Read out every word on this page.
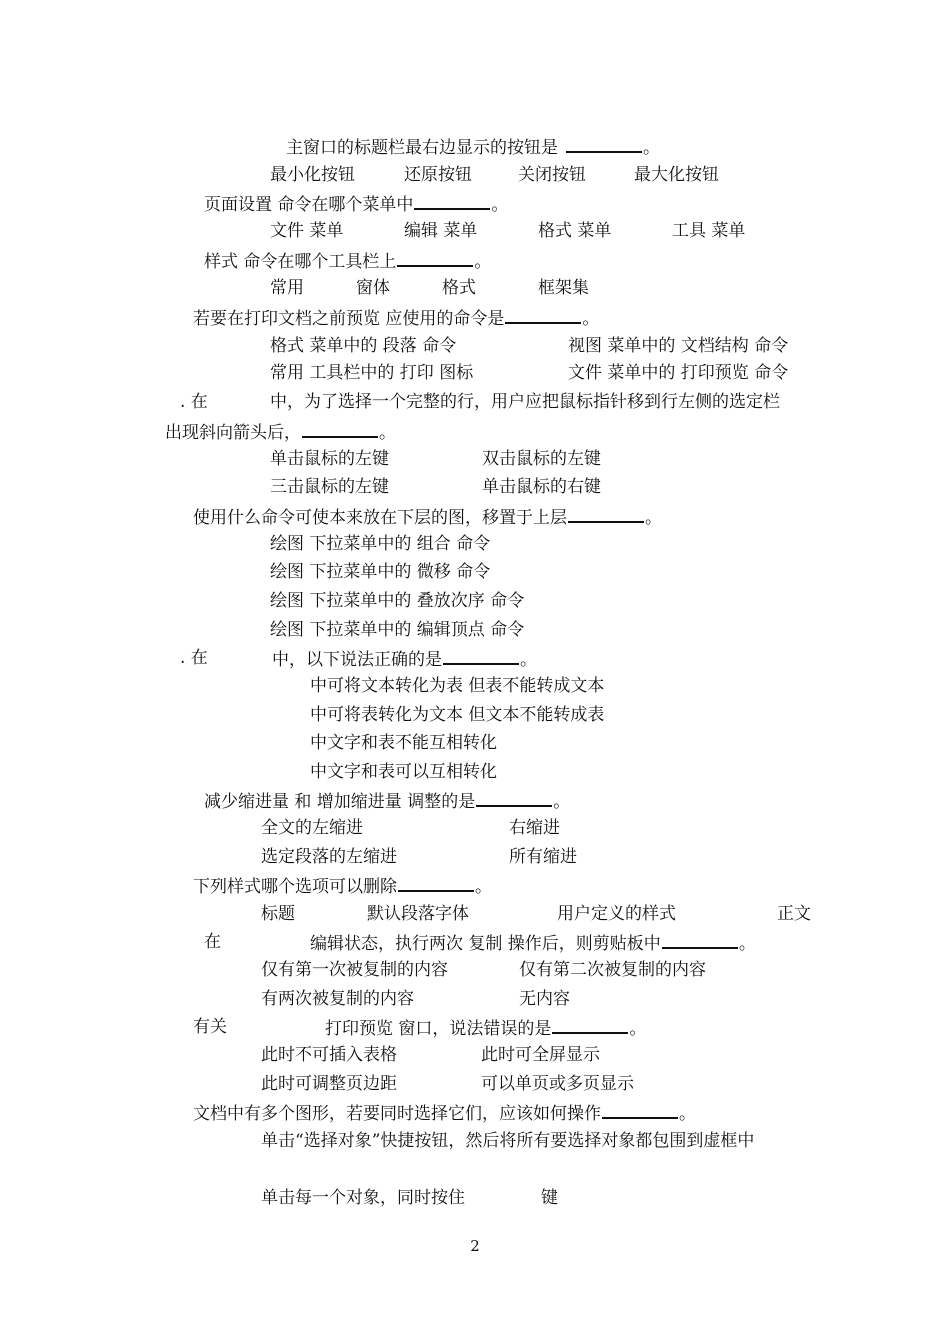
主窗口的标题栏最右边显示的按钮是	。
最小化按钮	还原按钮	关闭按钮	最大化按钮
页面设置 命令在哪个菜单中	。
文件 菜单	编辑 菜单	格式 菜单	工具 菜单
样式 命令在哪个工具栏上	。
常用	窗体	格式	框架集
若要在打印文档之前预览 应使用的命令是	。
格式 菜单中的 段落 命令	视图 菜单中的 文档结构 命令
常用 工具栏中的 打印 图标	文件 菜单中的 打印预览 命令
. 在	中，为了选择一个完整的行，用户应把鼠标指针移到行左侧的选定栏
出现斜向箭头后，	。
单击鼠标的左键	双击鼠标的左键
三击鼠标的左键	单击鼠标的右键
使用什么命令可使本来放在下层的图，移置于上层	。
绘图 下拉菜单中的 组合 命令
绘图 下拉菜单中的 微移 命令
绘图 下拉菜单中的 叠放次序 命令
绘图 下拉菜单中的 编辑顶点 命令
. 在	中，以下说法正确的是	。
中可将文本转化为表 但表不能转成文本
中可将表转化为文本 但文本不能转成表
中文字和表不能互相转化
中文字和表可以互相转化
减少缩进量 和 增加缩进量 调整的是	。
全文的左缩进	右缩进
选定段落的左缩进	所有缩进
下列样式哪个选项可以删除	。
标题	默认段落字体	用户定义的样式	正文
在	编辑状态，执行两次 复制 操作后，则剪贴板中	。
仅有第一次被复制的内容	仅有第二次被复制的内容
有两次被复制的内容	无内容
有关	打印预览 窗口，说法错误的是	。
此时不可插入表格	此时可全屏显示
此时可调整页边距	可以单页或多页显示
文档中有多个图形，若要同时选择它们，应该如何操作	。
单击“选择对象”快捷按钮，然后将所有要选择对象都包围到虚框中
单击每一个对象，同时按住	键
2
